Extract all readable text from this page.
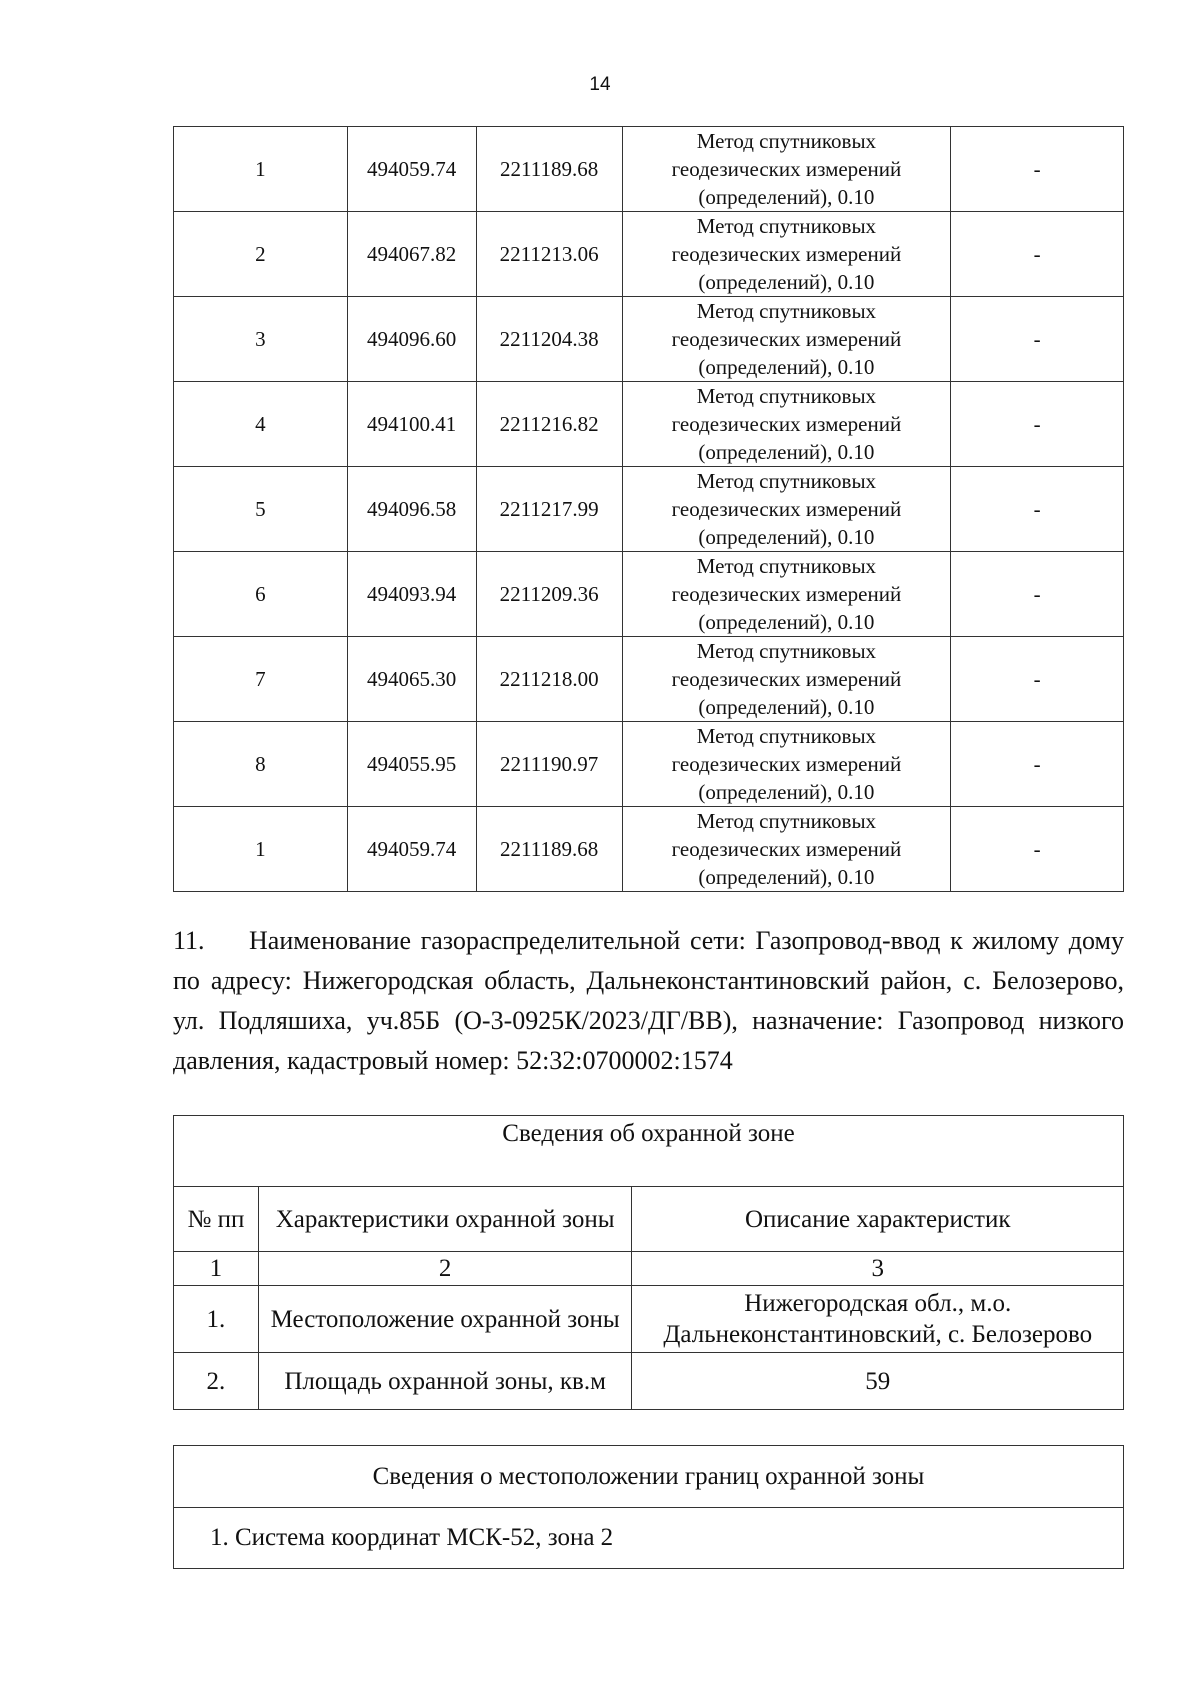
14
1	494059.74	2211189.68	Метод спутниковых
геодезических измерений
(определений), 0.10	-
2	494067.82	2211213.06	Метод спутниковых
геодезических измерений
(определений), 0.10	-
3	494096.60	2211204.38	Метод спутниковых
геодезических измерений
(определений), 0.10	-
4	494100.41	2211216.82	Метод спутниковых
геодезических измерений
(определений), 0.10	-
5	494096.58	2211217.99	Метод спутниковых
геодезических измерений
(определений), 0.10	-
6	494093.94	2211209.36	Метод спутниковых
геодезических измерений
(определений), 0.10	-
7	494065.30	2211218.00	Метод спутниковых
геодезических измерений
(определений), 0.10	-
8	494055.95	2211190.97	Метод спутниковых
геодезических измерений
(определений), 0.10	-
1	494059.74	2211189.68	Метод спутниковых
геодезических измерений
(определений), 0.10	-
11. Наименование газораспределительной сети: Газопровод-ввод к жилому дому по адресу: Нижегородская область, Дальнеконстантиновский район, с. Белозерово, ул. Подляшиха, уч.85Б (О-3-0925К/2023/ДГ/ВВ), назначение: Газопровод низкого давления, кадастровый номер: 52:32:0700002:1574
Сведения об охранной зоне		
№ пп	Характеристики охранной зоны	Описание характеристик
1	2	3
1.	Местоположение охранной зоны	Нижегородская обл., м.о.
Дальнеконстантиновский, с. Белозерово

2.	Площадь охранной зоны, кв.м	59
Сведения о местоположении границ охранной зоны
1. Система координат МСК-52, зона 2
